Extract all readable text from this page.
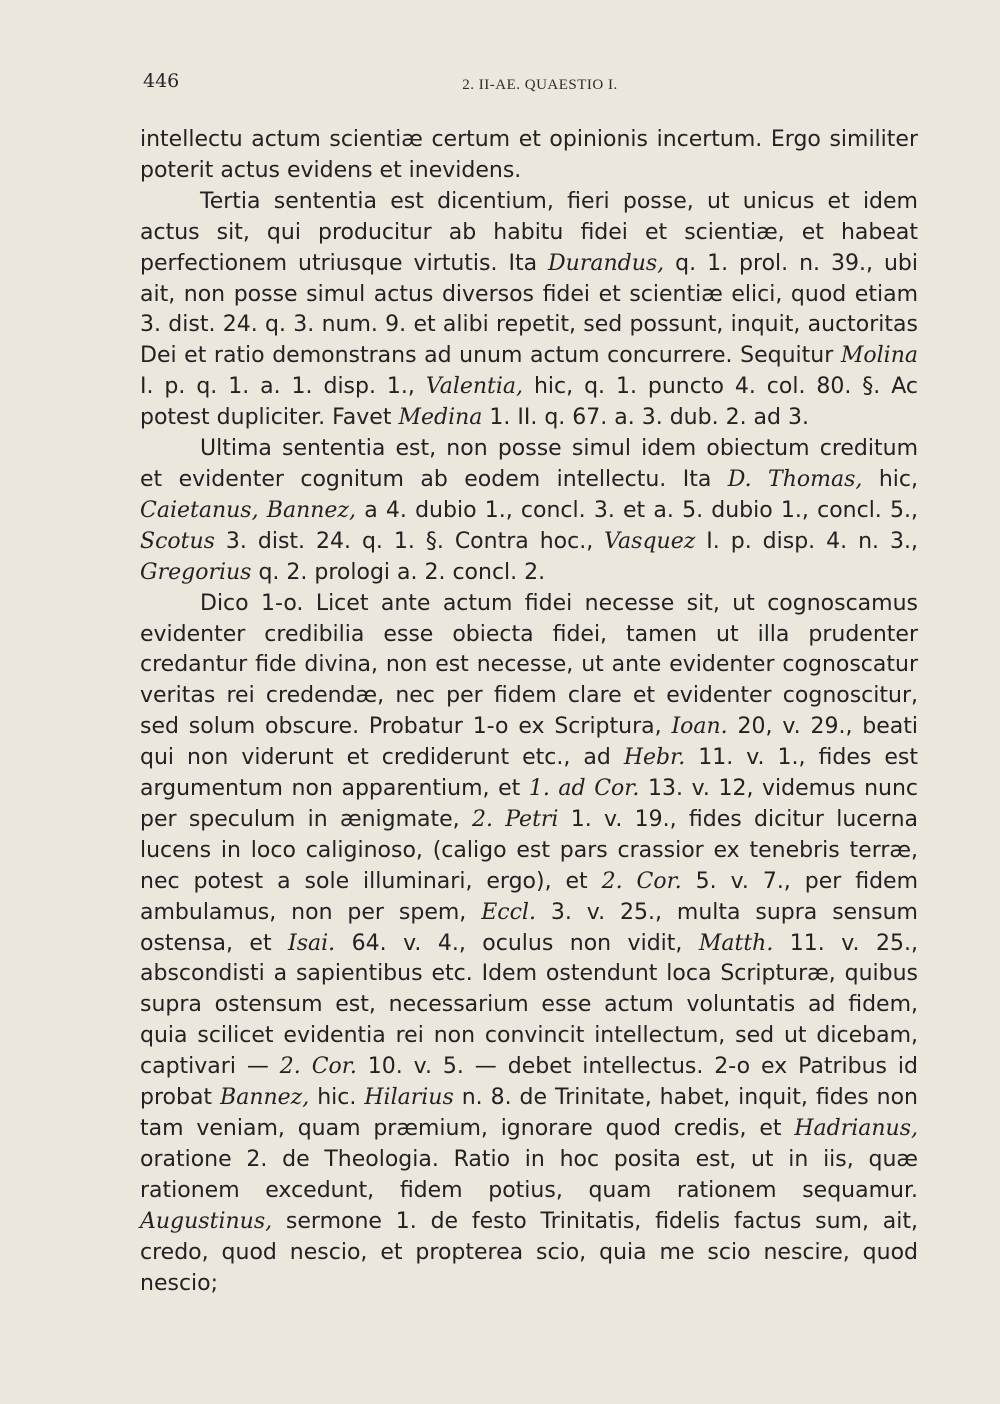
446	2. II-AE. QUAESTIO I.

intellectu actum scientiæ certum et opinionis incertum. Ergo similiter poterit actus evidens et inevidens.

Tertia sententia est dicentium, fieri posse, ut unicus et idem actus sit, qui producitur ab habitu fidei et scientiæ, et habeat perfectionem utriusque virtutis. Ita Durandus, q. 1. prol. n. 39., ubi ait, non posse simul actus diversos fidei et scientiæ elici, quod etiam 3. dist. 24. q. 3. num. 9. et alibi repetit, sed possunt, inquit, auctoritas Dei et ratio demonstrans ad unum actum concurrere. Sequitur Molina I. p. q. 1. a. 1. disp. 1., Valentia, hic, q. 1. puncto 4. col. 80. §. Ac potest dupliciter. Favet Medina 1. II. q. 67. a. 3. dub. 2. ad 3.

Ultima sententia est, non posse simul idem obiectum creditum et evidenter cognitum ab eodem intellectu. Ita D. Thomas, hic, Caietanus, Bannez, a 4. dubio 1., concl. 3. et a. 5. dubio 1., concl. 5., Scotus 3. dist. 24. q. 1. §. Contra hoc., Vasquez I. p. disp. 4. n. 3., Gregorius q. 2. prologi a. 2. concl. 2.

Dico 1-o. Licet ante actum fidei necesse sit, ut cognoscamus evidenter credibilia esse obiecta fidei, tamen ut illa prudenter credantur fide divina, non est necesse, ut ante evidenter cognoscatur veritas rei credendæ, nec per fidem clare et evidenter cognoscitur, sed solum obscure. Probatur 1-o ex Scriptura, Ioan. 20, v. 29., beati qui non viderunt et crediderunt etc., ad Hebr. 11. v. 1., fides est argumentum non apparentium, et 1. ad Cor. 13. v. 12, videmus nunc per speculum in ænigmate, 2. Petri 1. v. 19., fides dicitur lucerna lucens in loco caliginoso, (caligo est pars crassior ex tenebris terræ, nec potest a sole illuminari, ergo), et 2. Cor. 5. v. 7., per fidem ambulamus, non per spem, Eccl. 3. v. 25., multa supra sensum ostensa, et Isai. 64. v. 4., oculus non vidit, Matth. 11. v. 25., abscondisti a sapientibus etc. Idem ostendunt loca Scripturæ, quibus supra ostensum est, necessarium esse actum voluntatis ad fidem, quia scilicet evidentia rei non convincit intellectum, sed ut dicebam, captivari — 2. Cor. 10. v. 5. — debet intellectus. 2-o ex Patribus id probat Bannez, hic. Hilarius n. 8. de Trinitate, habet, inquit, fides non tam veniam, quam præmium, ignorare quod credis, et Hadrianus, oratione 2. de Theologia. Ratio in hoc posita est, ut in iis, quæ rationem excedunt, fidem potius, quam rationem sequamur. Augustinus, sermone 1. de festo Trinitatis, fidelis factus sum, ait, credo, quod nescio, et propterea scio, quia me scio nescire, quod nescio;
